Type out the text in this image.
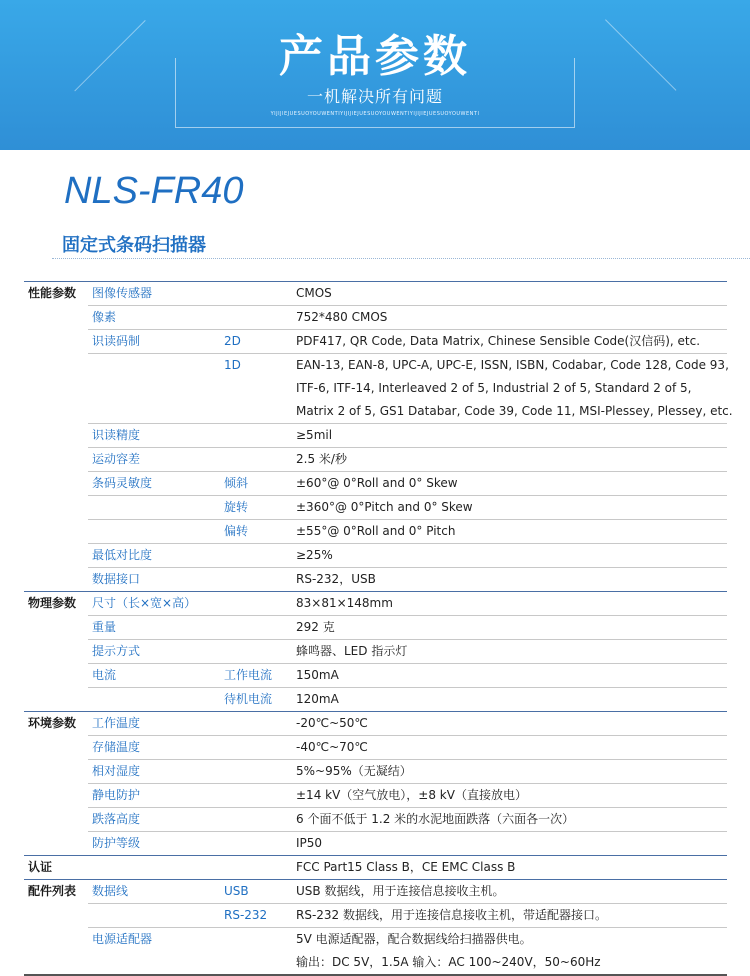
产品参数
一机解决所有问题
YIJIJIEJUESUOYOUWENTIYIJIJIEJUESUOYOUWENTIYIJIJIEJUESUOYOUWENTI
NLS-FR40
固定式条码扫描器
性能参数	图像传感器		CMOS
	像素		752*480 CMOS
	识读码制	2D	PDF417, QR Code, Data Matrix, Chinese Sensible Code(汉信码), etc.
		1D	EAN-13, EAN-8, UPC-A, UPC-E, ISSN, ISBN, Codabar, Code 128, Code 93,
			ITF-6, ITF-14, Interleaved 2 of 5, Industrial 2 of 5, Standard 2 of 5,
			Matrix 2 of 5, GS1 Databar, Code 39, Code 11, MSI-Plessey, Plessey, etc.
	识读精度		≥5mil
	运动容差		2.5 米/秒
	条码灵敏度	倾斜	±60°@ 0°Roll and 0° Skew
		旋转	±360°@ 0°Pitch and 0° Skew
		偏转	±55°@ 0°Roll and 0° Pitch
	最低对比度		≥25%
	数据接口		RS-232，USB
物理参数	尺寸（长×宽×高）		83×81×148mm
	重量		292 克
	提示方式		蜂鸣器、LED 指示灯
	电流	工作电流	150mA
		待机电流	120mA
环境参数	工作温度		-20℃~50℃
	存储温度		-40℃~70℃
	相对湿度		5%~95%（无凝结）
	静电防护		±14 kV（空气放电），±8 kV（直接放电）
	跌落高度		6 个面不低于 1.2 米的水泥地面跌落（六面各一次）
	防护等级		IP50
认证			FCC Part15 Class B，CE EMC Class B
配件列表	数据线	USB	USB 数据线，用于连接信息接收主机。
		RS-232	RS-232 数据线，用于连接信息接收主机，带适配器接口。
	电源适配器		5V 电源适配器，配合数据线给扫描器供电。
			输出：DC 5V，1.5A 输入：AC 100~240V，50~60Hz
